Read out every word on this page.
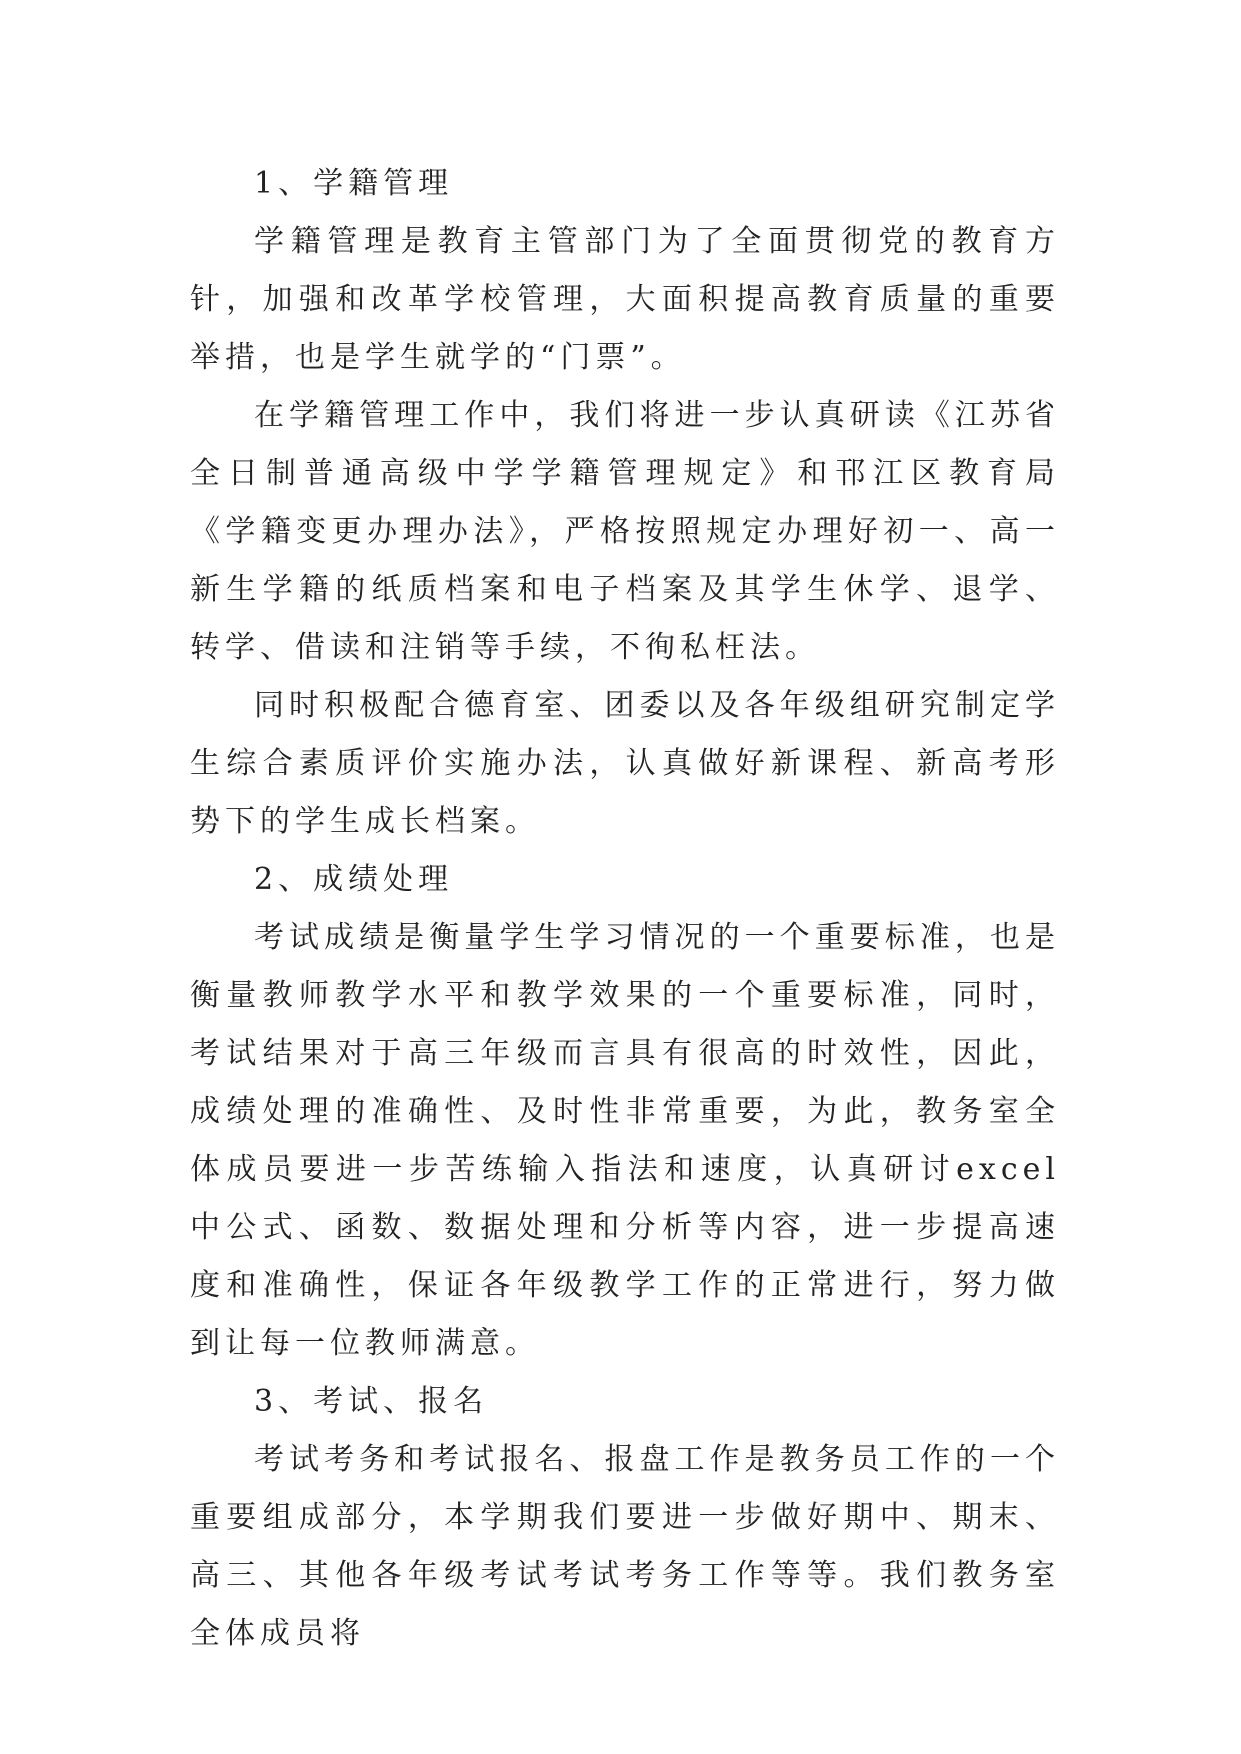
1、学籍管理

学籍管理是教育主管部门为了全面贯彻党的教育方针，加强和改革学校管理，大面积提高教育质量的重要举措，也是学生就学的“门票”。

在学籍管理工作中，我们将进一步认真研读《江苏省全日制普通高级中学学籍管理规定》和邗江区教育局《学籍变更办理办法》，严格按照规定办理好初一、高一新生学籍的纸质档案和电子档案及其学生休学、退学、转学、借读和注销等手续，不徇私枉法。

同时积极配合德育室、团委以及各年级组研究制定学生综合素质评价实施办法，认真做好新课程、新高考形势下的学生成长档案。

2、成绩处理

考试成绩是衡量学生学习情况的一个重要标准，也是衡量教师教学水平和教学效果的一个重要标准，同时，考试结果对于高三年级而言具有很高的时效性，因此，成绩处理的准确性、及时性非常重要，为此，教务室全体成员要进一步苦练输入指法和速度，认真研讨excel中公式、函数、数据处理和分析等内容，进一步提高速度和准确性，保证各年级教学工作的正常进行，努力做到让每一位教师满意。

3、考试、报名

考试考务和考试报名、报盘工作是教务员工作的一个重要组成部分，本学期我们要进一步做好期中、期末、高三、其他各年级考试考试考务工作等等。我们教务室全体成员将
